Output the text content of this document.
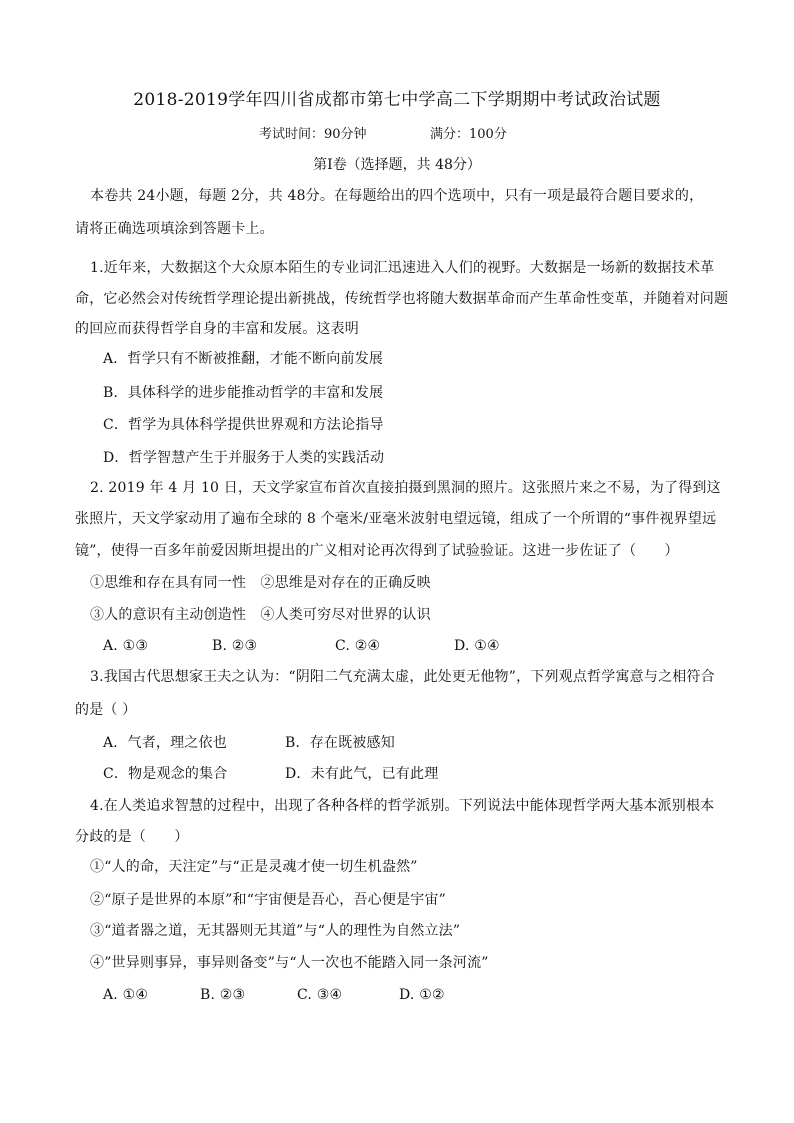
2018-2019学年四川省成都市第七中学高二下学期期中考试政治试题
考试时间：90分钟	满分：100分
第Ⅰ卷（选择题，共 48分）
本卷共 24小题，每题 2分，共 48分。在每题给出的四个选项中，只有一项是最符合题目要求的，
请将正确选项填涂到答题卡上。
1.近年来，大数据这个大众原本陌生的专业词汇迅速进入人们的视野。大数据是一场新的数据技术革
命，它必然会对传统哲学理论提出新挑战，传统哲学也将随大数据革命而产生革命性变革，并随着对问题
的回应而获得哲学自身的丰富和发展。这表明
A．哲学只有不断被推翻，才能不断向前发展
B．具体科学的进步能推动哲学的丰富和发展
C．哲学为具体科学提供世界观和方法论指导
D．哲学智慧产生于并服务于人类的实践活动
2. 2019 年 4 月 10 日，天文学家宣布首次直接拍摄到黑洞的照片。这张照片来之不易，为了得到这
张照片，天文学家动用了遍布全球的 8 个毫米/亚毫米波射电望远镜，组成了一个所谓的“事件视界望远
镜”，使得一百多年前爱因斯坦提出的广义相对论再次得到了试验验证。这进一步佐证了（　　）
①思维和存在具有同一性　②思维是对存在的正确反映
③人的意识有主动创造性　④人类可穷尽对世界的认识
A. ①③	B. ②③	C. ②④	D. ①④
3.我国古代思想家王夫之认为：“阴阳二气充满太虚，此处更无他物”，下列观点哲学寓意与之相符合
的是（ ）
A．气者，理之依也	B．存在既被感知
C．物是观念的集合	D．未有此气，已有此理
4.在人类追求智慧的过程中，出现了各种各样的哲学派别。下列说法中能体现哲学两大基本派别根本
分歧的是（　　）
①“人的命，天注定”与“正是灵魂才使一切生机盎然”
②“原子是世界的本原”和“宇宙便是吾心，吾心便是宇宙”
③“道者器之道，无其器则无其道”与“人的理性为自然立法”
④”世异则事异，事异则备变”与“人一次也不能踏入同一条河流”
A. ①④	B. ②③	C. ③④	D. ①②
